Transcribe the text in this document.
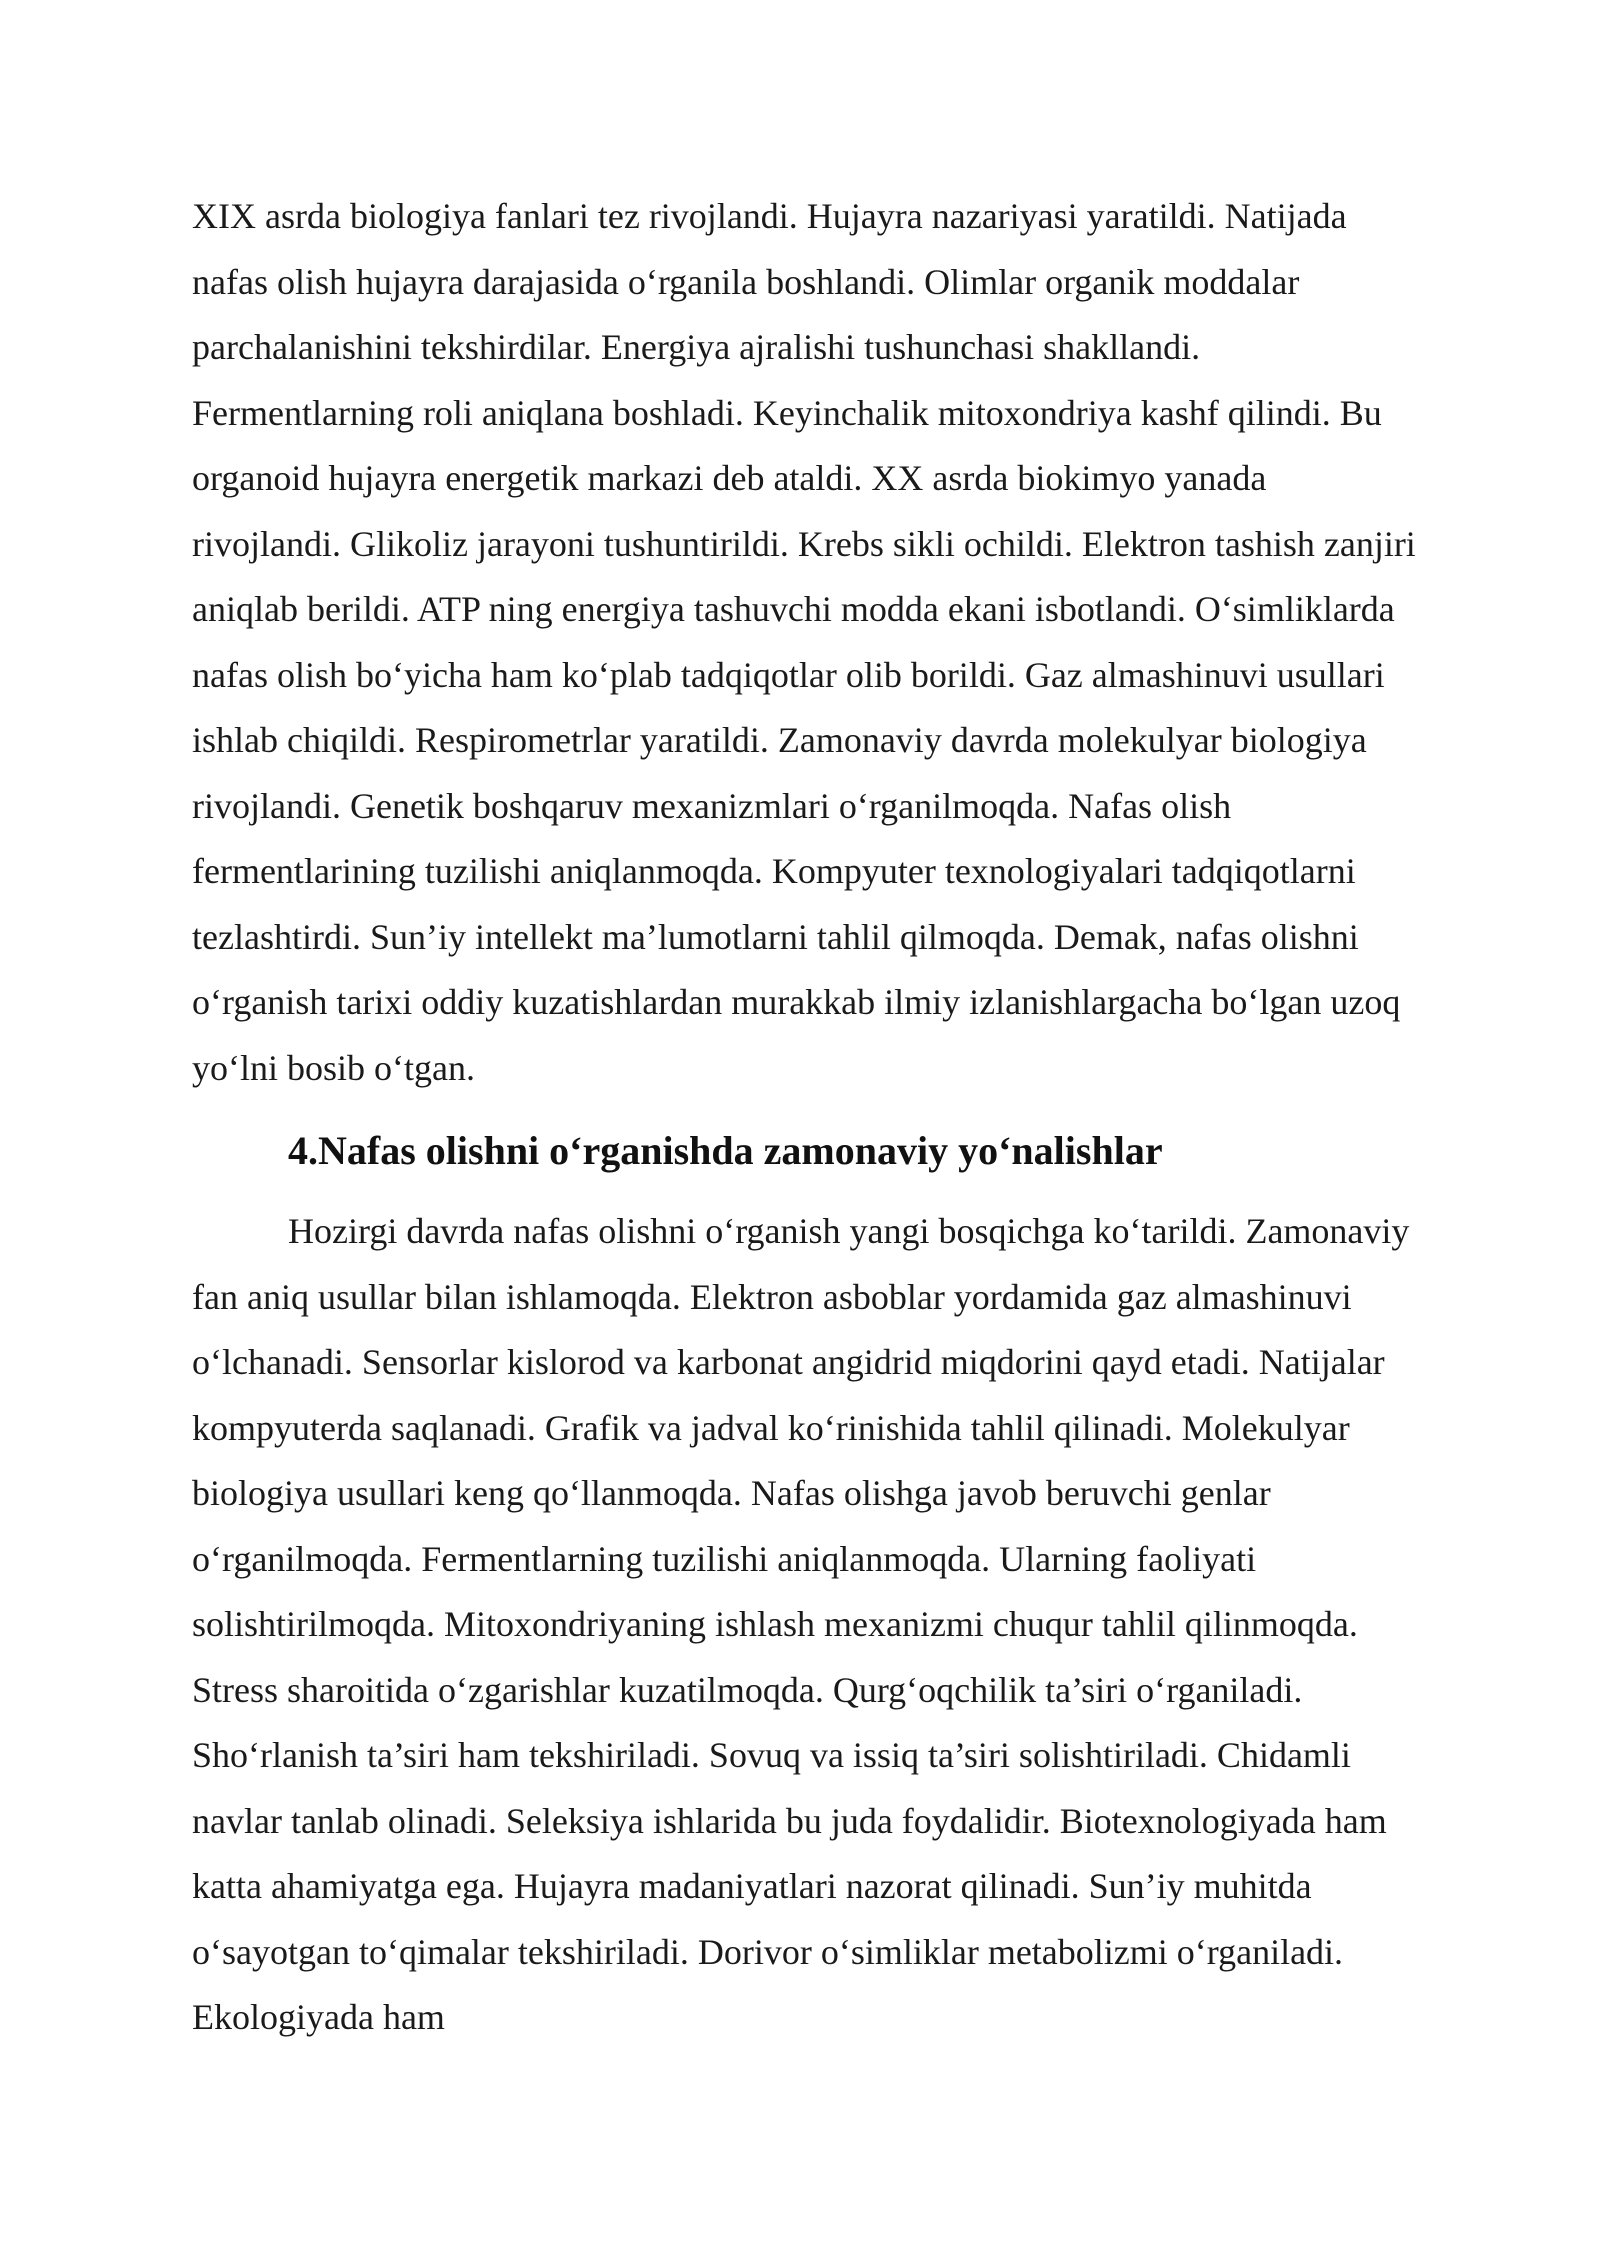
XIX asrda biologiya fanlari tez rivojlandi. Hujayra nazariyasi yaratildi. Natijada nafas olish hujayra darajasida o‘rganila boshlandi. Olimlar organik moddalar parchalanishini tekshirdilar. Energiya ajralishi tushunchasi shakllandi. Fermentlarning roli aniqlana boshladi. Keyinchalik mitoxondriya kashf qilindi. Bu organoid hujayra energetik markazi deb ataldi. XX asrda biokimyo yanada rivojlandi. Glikoliz jarayoni tushuntirildi. Krebs sikli ochildi. Elektron tashish zanjiri aniqlab berildi. ATP ning energiya tashuvchi modda ekani isbotlandi. O‘simliklarda nafas olish bo‘yicha ham ko‘plab tadqiqotlar olib borildi. Gaz almashinuvi usullari ishlab chiqildi. Respirometrlar yaratildi. Zamonaviy davrda molekulyar biologiya rivojlandi. Genetik boshqaruv mexanizmlari o‘rganilmoqda. Nafas olish fermentlarining tuzilishi aniqlanmoqda. Kompyuter texnologiyalari tadqiqotlarni tezlashtirdi. Sun’iy intellekt ma’lumotlarni tahlil qilmoqda. Demak, nafas olishni o‘rganish tarixi oddiy kuzatishlardan murakkab ilmiy izlanishlargacha bo‘lgan uzoq yo‘lni bosib o‘tgan.

4.Nafas olishni o‘rganishda zamonaviy yo‘nalishlar

Hozirgi davrda nafas olishni o‘rganish yangi bosqichga ko‘tarildi. Zamonaviy fan aniq usullar bilan ishlamoqda. Elektron asboblar yordamida gaz almashinuvi o‘lchanadi. Sensorlar kislorod va karbonat angidrid miqdorini qayd etadi. Natijalar kompyuterda saqlanadi. Grafik va jadval ko‘rinishida tahlil qilinadi. Molekulyar biologiya usullari keng qo‘llanmoqda. Nafas olishga javob beruvchi genlar o‘rganilmoqda. Fermentlarning tuzilishi aniqlanmoqda. Ularning faoliyati solishtirilmoqda. Mitoxondriyaning ishlash mexanizmi chuqur tahlil qilinmoqda. Stress sharoitida o‘zgarishlar kuzatilmoqda. Qurg‘oqchilik ta’siri o‘rganiladi. Sho‘rlanish ta’siri ham tekshiriladi. Sovuq va issiq ta’siri solishtiriladi. Chidamli navlar tanlab olinadi. Seleksiya ishlarida bu juda foydalidir. Biotexnologiyada ham katta ahamiyatga ega. Hujayra madaniyatlari nazorat qilinadi. Sun’iy muhitda o‘sayotgan to‘qimalar tekshiriladi. Dorivor o‘simliklar metabolizmi o‘rganiladi. Ekologiyada ham
